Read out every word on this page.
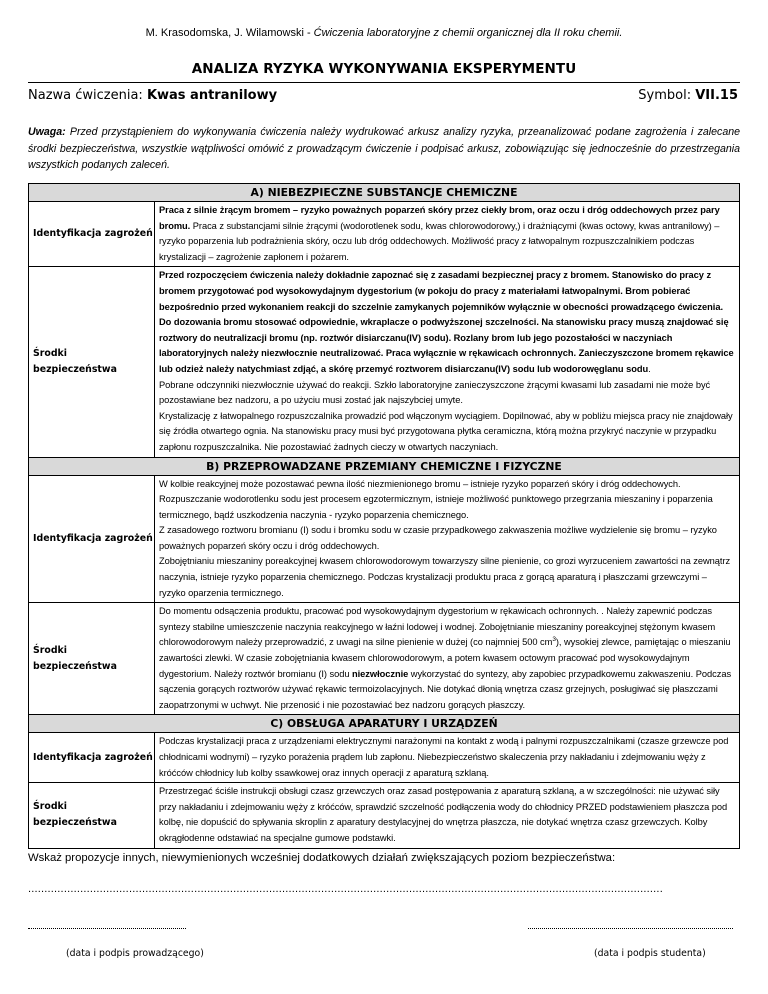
M. Krasodomska, J. Wilamowski - Ćwiczenia laboratoryjne z chemii organicznej dla II roku chemii.
ANALIZA RYZYKA WYKONYWANIA EKSPERYMENTU
Nazwa ćwiczenia: Kwas antranilowy	Symbol: VII.15
Uwaga: Przed przystąpieniem do wykonywania ćwiczenia należy wydrukować arkusz analizy ryzyka, przeanalizować podane zagrożenia i zalecane środki bezpieczeństwa, wszystkie wątpliwości omówić z prowadzącym ćwiczenie i podpisać arkusz, zobowiązując się jednocześnie do przestrzegania wszystkich podanych zaleceń.
A) NIEBEZPIECZNE SUBSTANCJE CHEMICZNE	
Identyfikacja zagrożeń	Praca z silnie żrącym bromem – ryzyko poważnych poparzeń skóry przez ciekły brom, oraz oczu i dróg oddechowych przez pary bromu. Praca z substancjami silnie żrącymi (wodorotlenek sodu, kwas chlorowodorowy,) i drażniącymi (kwas octowy, kwas antranilowy) – ryzyko poparzenia lub podrażnienia skóry, oczu lub dróg oddechowych. Możliwość pracy z łatwopalnym rozpuszczalnikiem podczas krystalizacji – zagrożenie zapłonem i pożarem.
Środki bezpieczeństwa	Przed rozpoczęciem ćwiczenia należy dokładnie zapoznać się z zasadami bezpiecznej pracy z bromem. Stanowisko do pracy z bromem przygotować pod wysokowydajnym dygestorium (w pokoju do pracy z materiałami łatwopalnymi. Brom pobierać bezpośrednio przed wykonaniem reakcji do szczelnie zamykanych pojemników wyłącznie w obecności prowadzącego ćwiczenia. Do dozowania bromu stosować odpowiednie, wkraplacze o podwyższonej szczelności. Na stanowisku pracy muszą znajdować się roztwory do neutralizacji bromu (np. roztwór disiarczanu(IV) sodu). Rozlany brom lub jego pozostałości w naczyniach laboratoryjnych należy niezwłocznie neutralizować. Praca wyłącznie w rękawicach ochronnych. Zanieczyszczone bromem rękawice lub odzież należy natychmiast zdjąć, a skórę przemyć roztworem disiarczanu(IV) sodu lub wodorowęglanu sodu.

Pobrane odczynniki niezwłocznie używać do reakcji. Szkło laboratoryjne zanieczyszczone żrącymi kwasami lub zasadami nie może być pozostawiane bez nadzoru, a po użyciu musi zostać jak najszybciej umyte.

Krystalizację z łatwopalnego rozpuszczalnika prowadzić pod włączonym wyciągiem. Dopilnować, aby w pobliżu miejsca pracy nie znajdowały się źródła otwartego ognia. Na stanowisku pracy musi być przygotowana płytka ceramiczna, którą można przykryć naczynie w przypadku zapłonu rozpuszczalnika. Nie pozostawiać żadnych cieczy w otwartych naczyniach.

B) PRZEPROWADZANE PRZEMIANY CHEMICZNE I FIZYCZNE	
Identyfikacja zagrożeń	W kolbie reakcyjnej może pozostawać pewna ilość niezmienionego bromu – istnieje ryzyko poparzeń skóry i dróg oddechowych.

Rozpuszczanie wodorotlenku sodu jest procesem egzotermicznym, istnieje możliwość punktowego przegrzania mieszaniny i poparzenia termicznego, bądź uszkodzenia naczynia - ryzyko poparzenia chemicznego.

Z zasadowego roztworu bromianu (I) sodu i bromku sodu w czasie przypadkowego zakwaszenia możliwe wydzielenie się bromu – ryzyko poważnych poparzeń skóry oczu i dróg oddechowych.

Zobojętnianiu mieszaniny poreakcyjnej kwasem chlorowodorowym towarzyszy silne pienienie, co grozi wyrzuceniem zawartości na zewnątrz naczynia, istnieje ryzyko poparzenia chemicznego. Podczas krystalizacji produktu praca z gorącą aparaturą i płaszczami grzewczymi – ryzyko oparzenia termicznego.

Środki bezpieczeństwa	Do momentu odsączenia produktu, pracować pod wysokowydajnym dygestorium w rękawicach ochronnych. . Należy zapewnić podczas syntezy stabilne umieszczenie naczynia reakcyjnego w łaźni lodowej i wodnej. Zobojętnianie mieszaniny poreakcyjnej stężonym kwasem chlorowodorowym należy przeprowadzić, z uwagi na silne pienienie w dużej (co najmniej 500 $cm^3$), wysokiej zlewce, pamiętając o mieszaniu zawartości zlewki. W czasie zobojętniania kwasem chlorowodorowym, a potem kwasem octowym pracować pod wysokowydajnym dygestorium. Należy roztwór bromianu (I) sodu niezwłocznie wykorzystać do syntezy, aby zapobiec przypadkowemu zakwaszeniu. Podczas sączenia gorących roztworów używać rękawic termoizolacyjnych. Nie dotykać dłonią wnętrza czasz grzejnych, posługiwać się płaszczami zaopatrzonymi w uchwyt. Nie przenosić i nie pozostawiać bez nadzoru gorących płaszczy.
C) OBSŁUGA APARATURY I URZĄDZEŃ	
Identyfikacja zagrożeń	Podczas krystalizacji praca z urządzeniami elektrycznymi narażonymi na kontakt z wodą i palnymi rozpuszczalnikami (czasze grzewcze pod chłodnicami wodnymi) – ryzyko porażenia prądem lub zapłonu. Niebezpieczeństwo skaleczenia przy nakładaniu i zdejmowaniu węży z króćców chłodnicy lub kolby ssawkowej oraz innych operacji z aparaturą szklaną.
Środki bezpieczeństwa	Przestrzegać ściśle instrukcji obsługi czasz grzewczych oraz zasad postępowania z aparaturą szklaną, a w szczególności: nie używać siły przy nakładaniu i zdejmowaniu węży z króćców, sprawdzić szczelność podłączenia wody do chłodnicy PRZED podstawieniem płaszcza pod kolbę, nie dopuścić do spływania skroplin z aparatury destylacyjnej do wnętrza płaszcza, nie dotykać wnętrza czasz grzewczych. Kolby okrągłodenne odstawiać na specjalne gumowe podstawki.
Wskaż propozycje innych, niewymienionych wcześniej dodatkowych działań zwiększających poziom bezpieczeństwa:
...................................................................................................................................................................................................
(data i podpis prowadzącego)	(data i podpis studenta)
